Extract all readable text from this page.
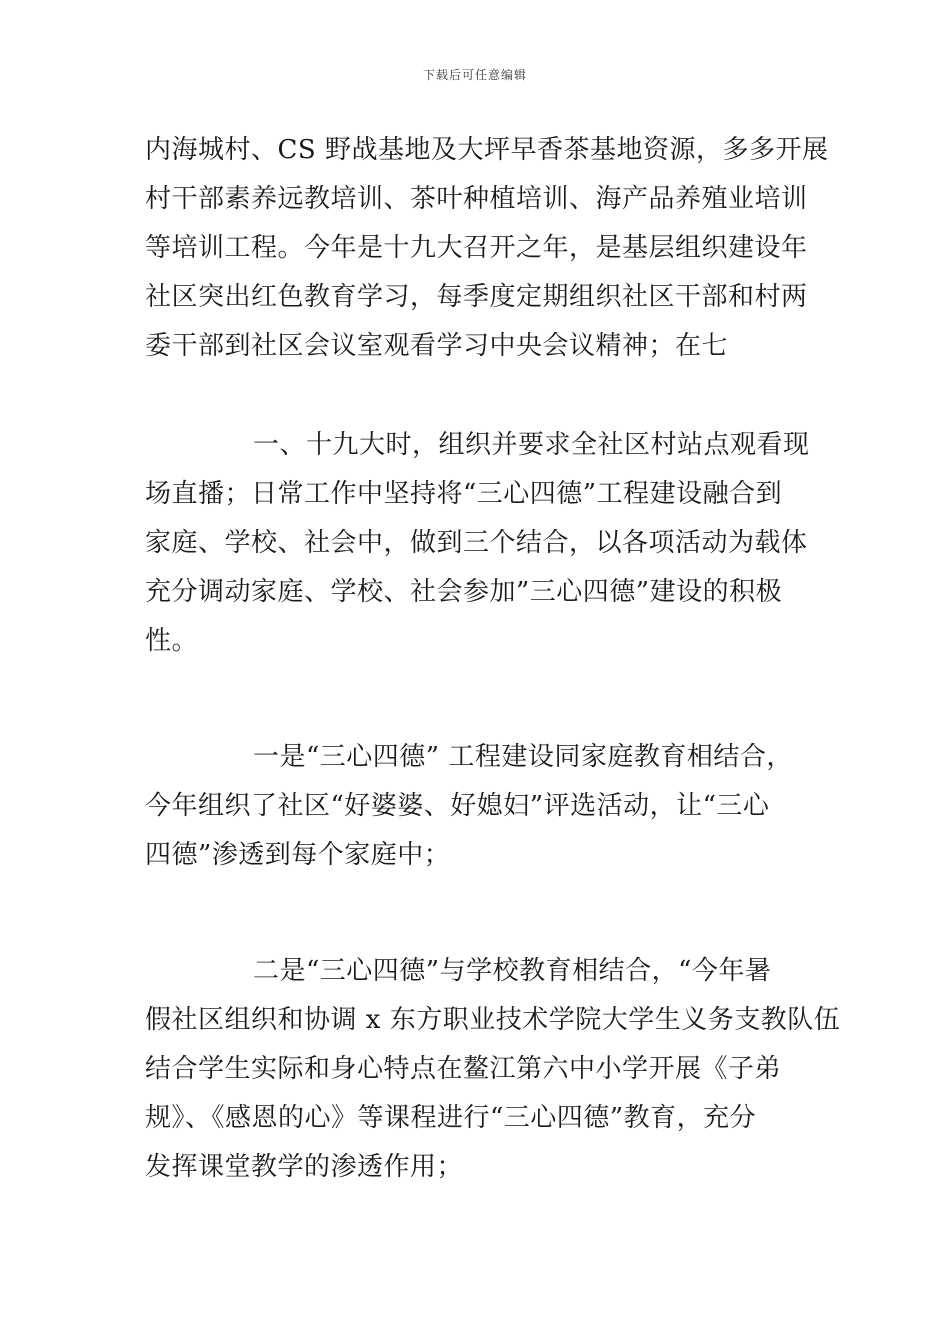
下载后可任意编辑
内海城村、CS 野战基地及大坪早香茶基地资源，多多开展
村干部素养远教培训、茶叶种植培训、海产品养殖业培训
等培训工程。今年是十九大召开之年，是基层组织建设年
社区突出红色教育学习，每季度定期组织社区干部和村两
委干部到社区会议室观看学习中央会议精神；在七
一、十九大时，组织并要求全社区村站点观看现
场直播；日常工作中坚持将“三心四德”工程建设融合到
家庭、学校、社会中，做到三个结合，以各项活动为载体
充分调动家庭、学校、社会参加”三心四德”建设的积极
性。
一是“三心四德” 工程建设同家庭教育相结合，
今年组织了社区“好婆婆、好媳妇”评选活动，让“三心
四德”渗透到每个家庭中；
二是“三心四德”与学校教育相结合，“今年暑
假社区组织和协调 x 东方职业技术学院大学生义务支教队伍
结合学生实际和身心特点在鳌江第六中小学开展《子弟
规》、《感恩的心》等课程进行“三心四德”教育，充分
发挥课堂教学的渗透作用；
